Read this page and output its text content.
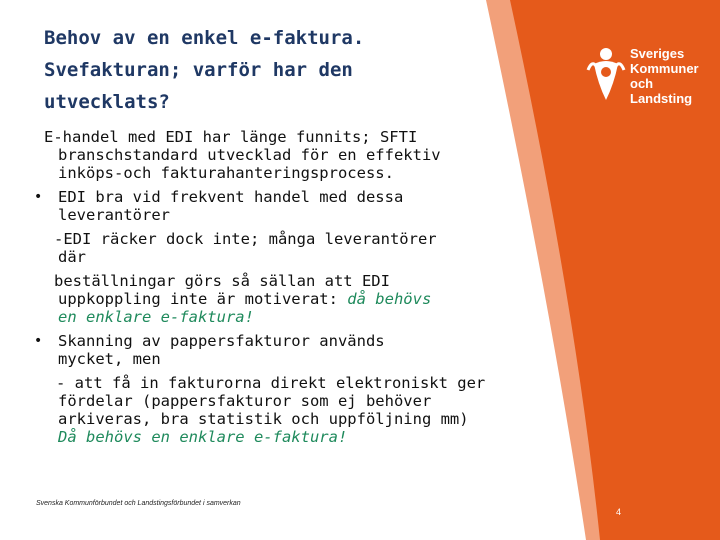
Sveriges
Kommuner
och Landsting
Behov av en enkel e-faktura.
Svefakturan; varför har den
utvecklats?
E-handel med EDI har länge funnits; SFTI
branschstandard utvecklad för en effektiv
inköps-och fakturahanteringsprocess.
• EDI bra vid frekvent handel med dessa
leverantörer
-EDI räcker dock inte; många leverantörer
där
beställningar görs så sällan att EDI
uppkoppling inte är motiverat: då behövs
en enklare e-faktura!
• Skanning av pappersfakturor används
mycket, men
- att få in fakturorna direkt elektroniskt ger
fördelar (pappersfakturor som ej behöver
arkiveras, bra statistik och uppföljning mm)
Då behövs en enklare e-faktura!
Svenska Kommunförbundet och Landstingsförbundet i samverkan
4
